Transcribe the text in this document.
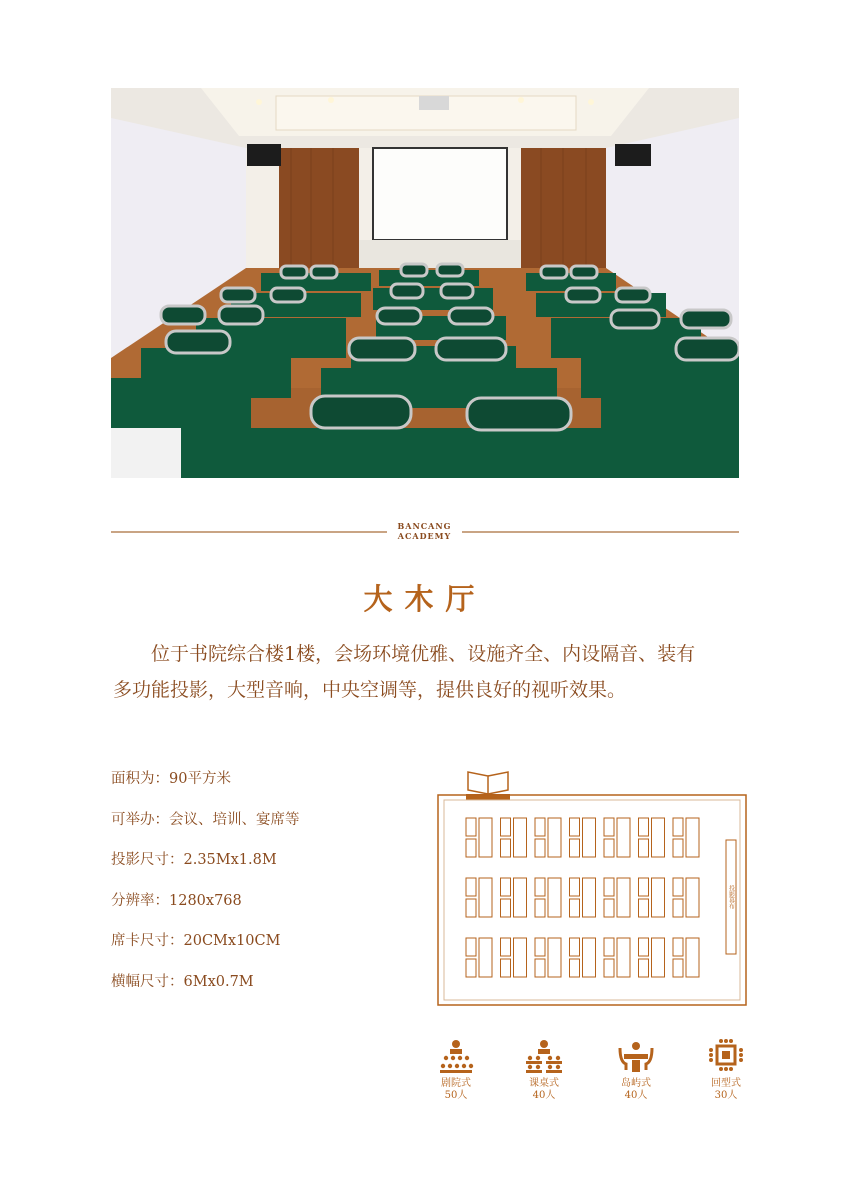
BANCANG
ACADEMY
大木厅

位于书院综合楼1楼，会场环境优雅、设施齐全、内设隔音、装有

多功能投影，大型音响，中央空调等，提供良好的视听效果。

面积为：90平方米
可举办：会议、培训、宴席等
投影尺寸：2.35Mx1.8M
分辨率：1280x768
席卡尺寸：20CMx10CM
横幅尺寸：6Mx0.7M
投影幕布
剧院式
50人
课桌式
40人
岛屿式
40人
回型式
30人
